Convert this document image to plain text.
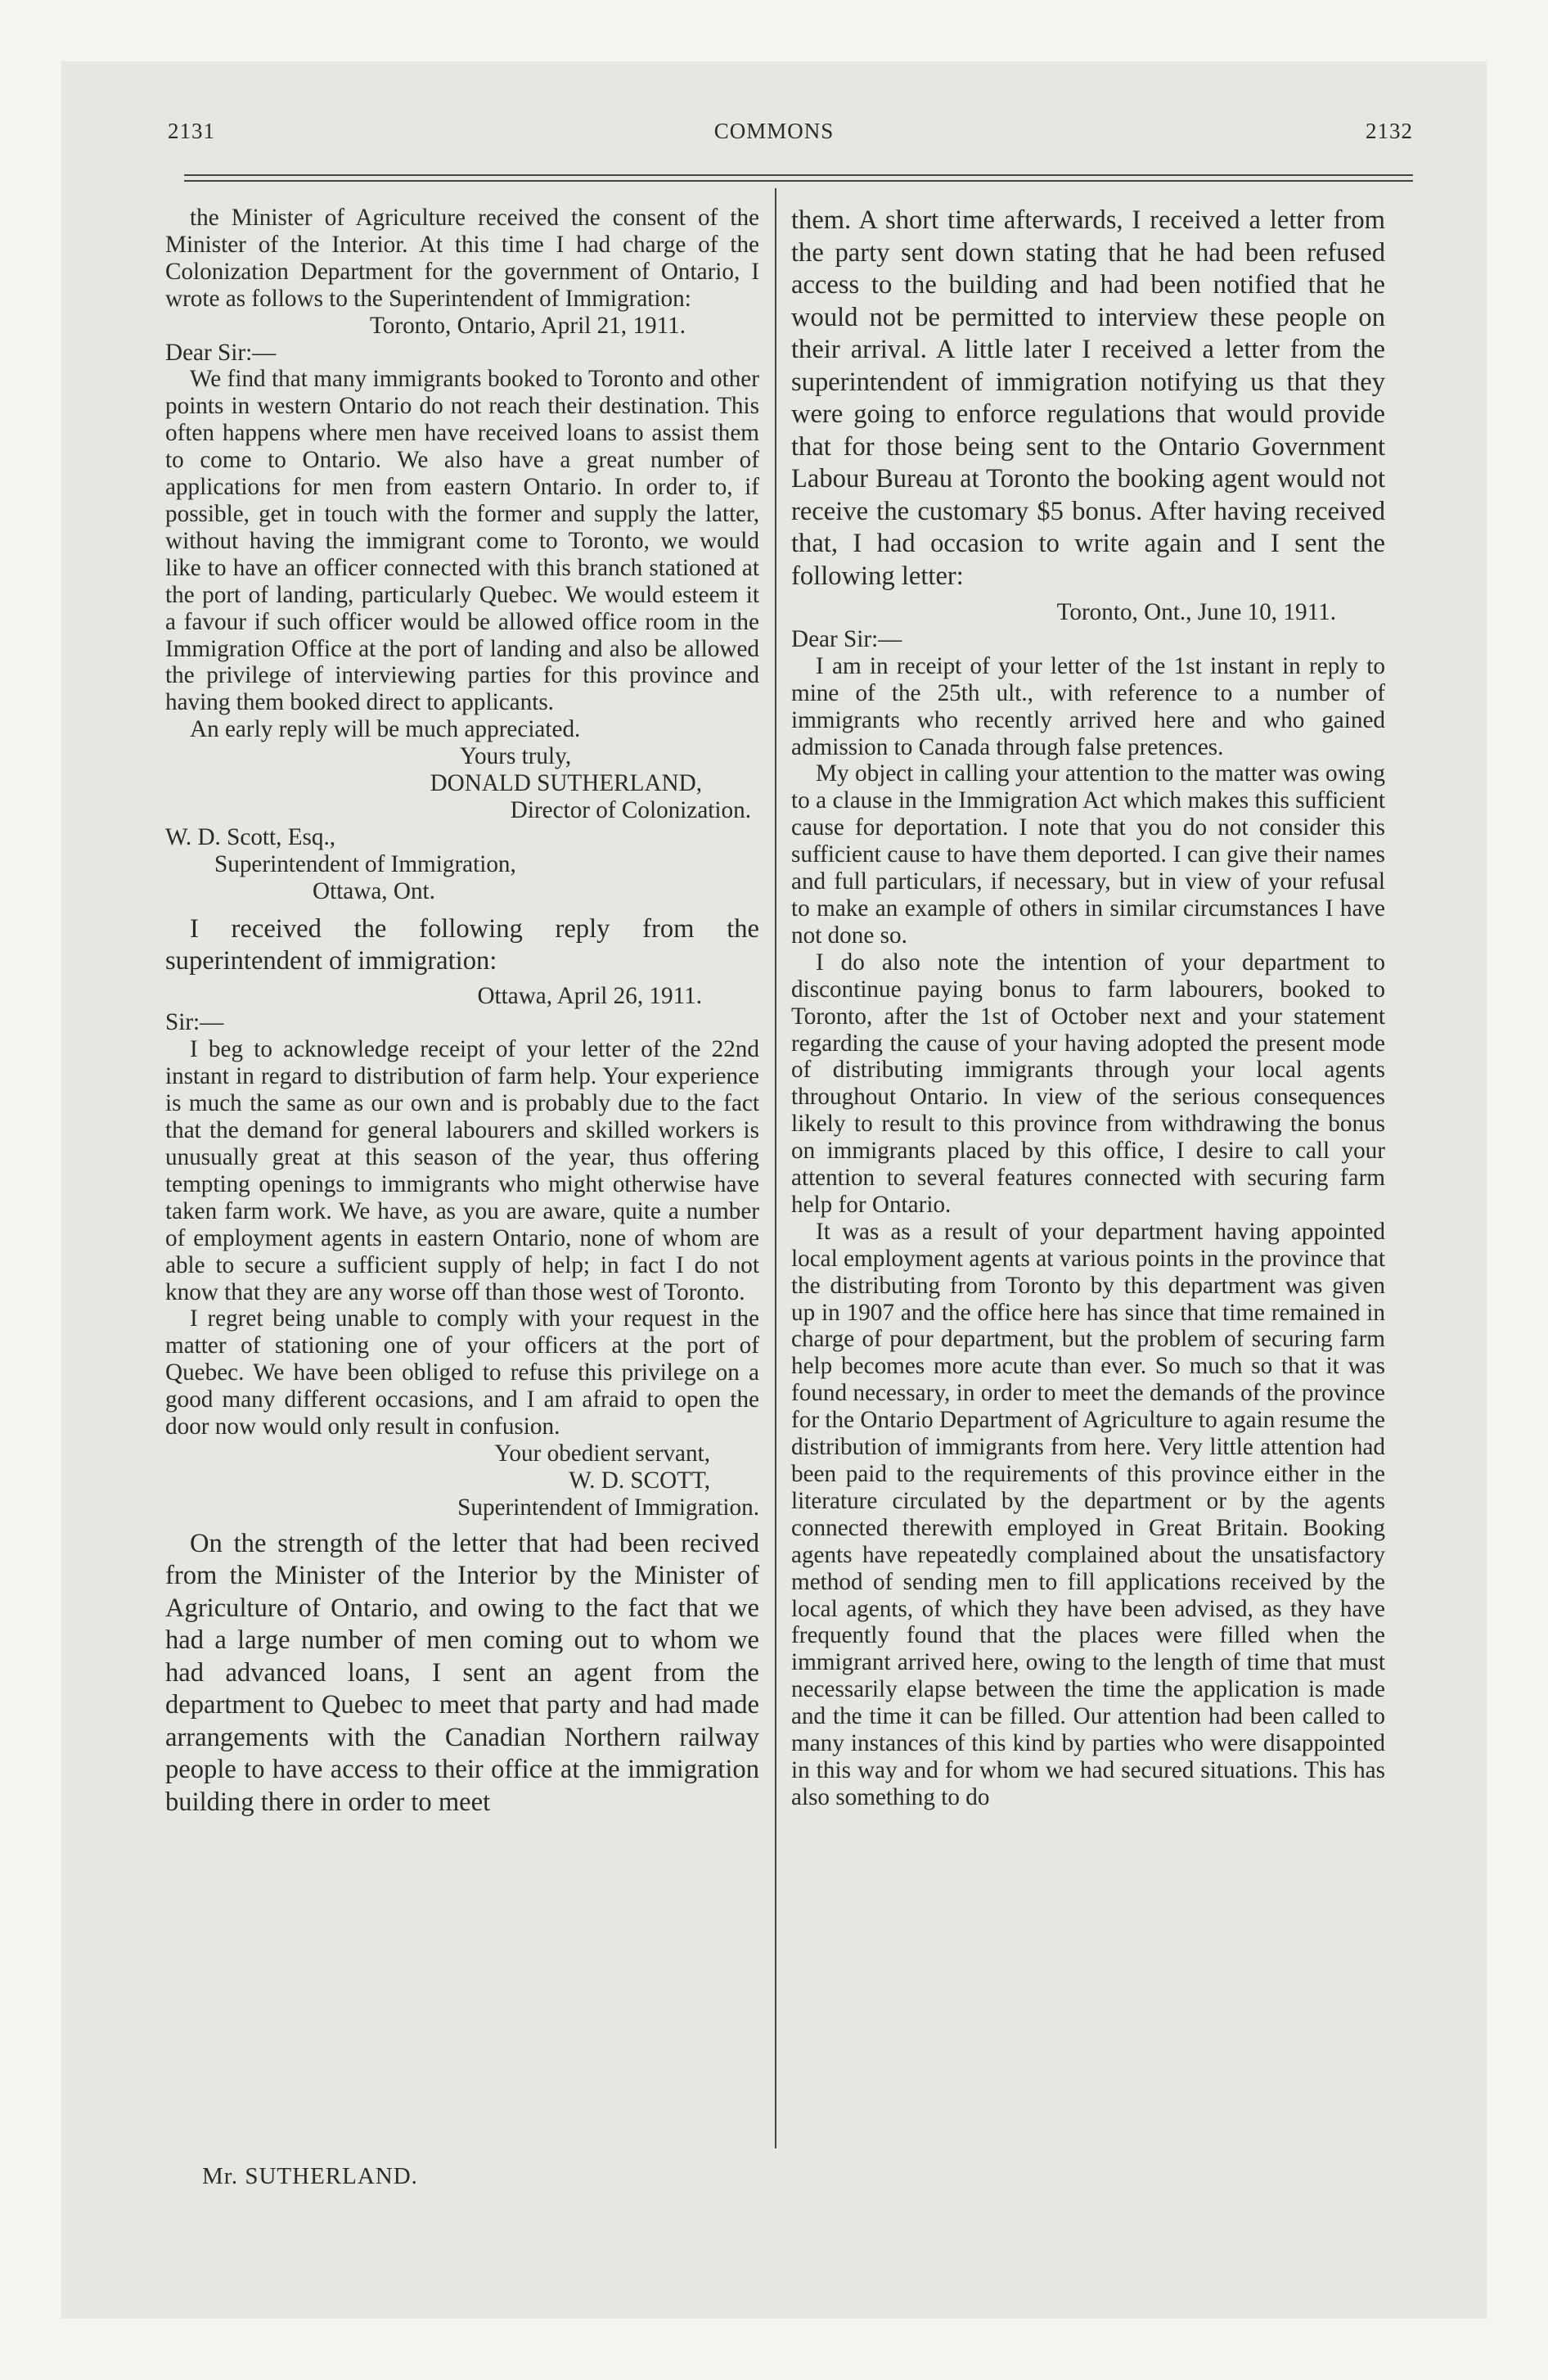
2131	COMMONS	2132

the Minister of Agriculture received the consent of the Minister of the Interior. At this time I had charge of the Colonization Department for the government of Ontario, I wrote as follows to the Superintendent of Immigration:

Toronto, Ontario, April 21, 1911.

Dear Sir:—

We find that many immigrants booked to Toronto and other points in western Ontario do not reach their destination. This often happens where men have received loans to assist them to come to Ontario. We also have a great number of applications for men from eastern Ontario. In order to, if possible, get in touch with the former and supply the latter, without having the immigrant come to Toronto, we would like to have an officer connected with this branch stationed at the port of landing, particularly Quebec. We would esteem it a favour if such officer would be allowed office room in the Immigration Office at the port of landing and also be allowed the privilege of interviewing parties for this province and having them booked direct to applicants.

An early reply will be much appreciated.

Yours truly,

DONALD SUTHERLAND,

Director of Colonization.

W. D. Scott, Esq.,

Superintendent of Immigration,

Ottawa, Ont.

I received the following reply from the superintendent of immigration:

Ottawa, April 26, 1911.

Sir:—

I beg to acknowledge receipt of your letter of the 22nd instant in regard to distribution of farm help. Your experience is much the same as our own and is probably due to the fact that the demand for general labourers and skilled workers is unusually great at this season of the year, thus offering tempting openings to immigrants who might otherwise have taken farm work. We have, as you are aware, quite a number of employment agents in eastern Ontario, none of whom are able to secure a sufficient supply of help; in fact I do not know that they are any worse off than those west of Toronto.

I regret being unable to comply with your request in the matter of stationing one of your officers at the port of Quebec. We have been obliged to refuse this privilege on a good many different occasions, and I am afraid to open the door now would only result in confusion.

Your obedient servant,

W. D. SCOTT,

Superintendent of Immigration.

On the strength of the letter that had been recived from the Minister of the Interior by the Minister of Agriculture of Ontario, and owing to the fact that we had a large number of men coming out to whom we had advanced loans, I sent an agent from the department to Quebec to meet that party and had made arrangements with the Canadian Northern railway people to have access to their office at the immigration building there in order to meet

them. A short time afterwards, I received a letter from the party sent down stating that he had been refused access to the building and had been notified that he would not be permitted to interview these people on their arrival. A little later I received a letter from the superintendent of immigration notifying us that they were going to enforce regulations that would provide that for those being sent to the Ontario Government Labour Bureau at Toronto the booking agent would not receive the customary $5 bonus. After having received that, I had occasion to write again and I sent the following letter:

Toronto, Ont., June 10, 1911.

Dear Sir:—

I am in receipt of your letter of the 1st instant in reply to mine of the 25th ult., with reference to a number of immigrants who recently arrived here and who gained admission to Canada through false pretences.

My object in calling your attention to the matter was owing to a clause in the Immigration Act which makes this sufficient cause for deportation. I note that you do not consider this sufficient cause to have them deported. I can give their names and full particulars, if necessary, but in view of your refusal to make an example of others in similar circumstances I have not done so.

I do also note the intention of your department to discontinue paying bonus to farm labourers, booked to Toronto, after the 1st of October next and your statement regarding the cause of your having adopted the present mode of distributing immigrants through your local agents throughout Ontario. In view of the serious consequences likely to result to this province from withdrawing the bonus on immigrants placed by this office, I desire to call your attention to several features connected with securing farm help for Ontario.

It was as a result of your department having appointed local employment agents at various points in the province that the distributing from Toronto by this department was given up in 1907 and the office here has since that time remained in charge of pour department, but the problem of securing farm help becomes more acute than ever. So much so that it was found necessary, in order to meet the demands of the province for the Ontario Department of Agriculture to again resume the distribution of immigrants from here. Very little attention had been paid to the requirements of this province either in the literature circulated by the department or by the agents connected therewith employed in Great Britain. Booking agents have repeatedly complained about the unsatisfactory method of sending men to fill applications received by the local agents, of which they have been advised, as they have frequently found that the places were filled when the immigrant arrived here, owing to the length of time that must necessarily elapse between the time the application is made and the time it can be filled. Our attention had been called to many instances of this kind by parties who were disappointed in this way and for whom we had secured situations. This has also something to do

Mr. SUTHERLAND.
